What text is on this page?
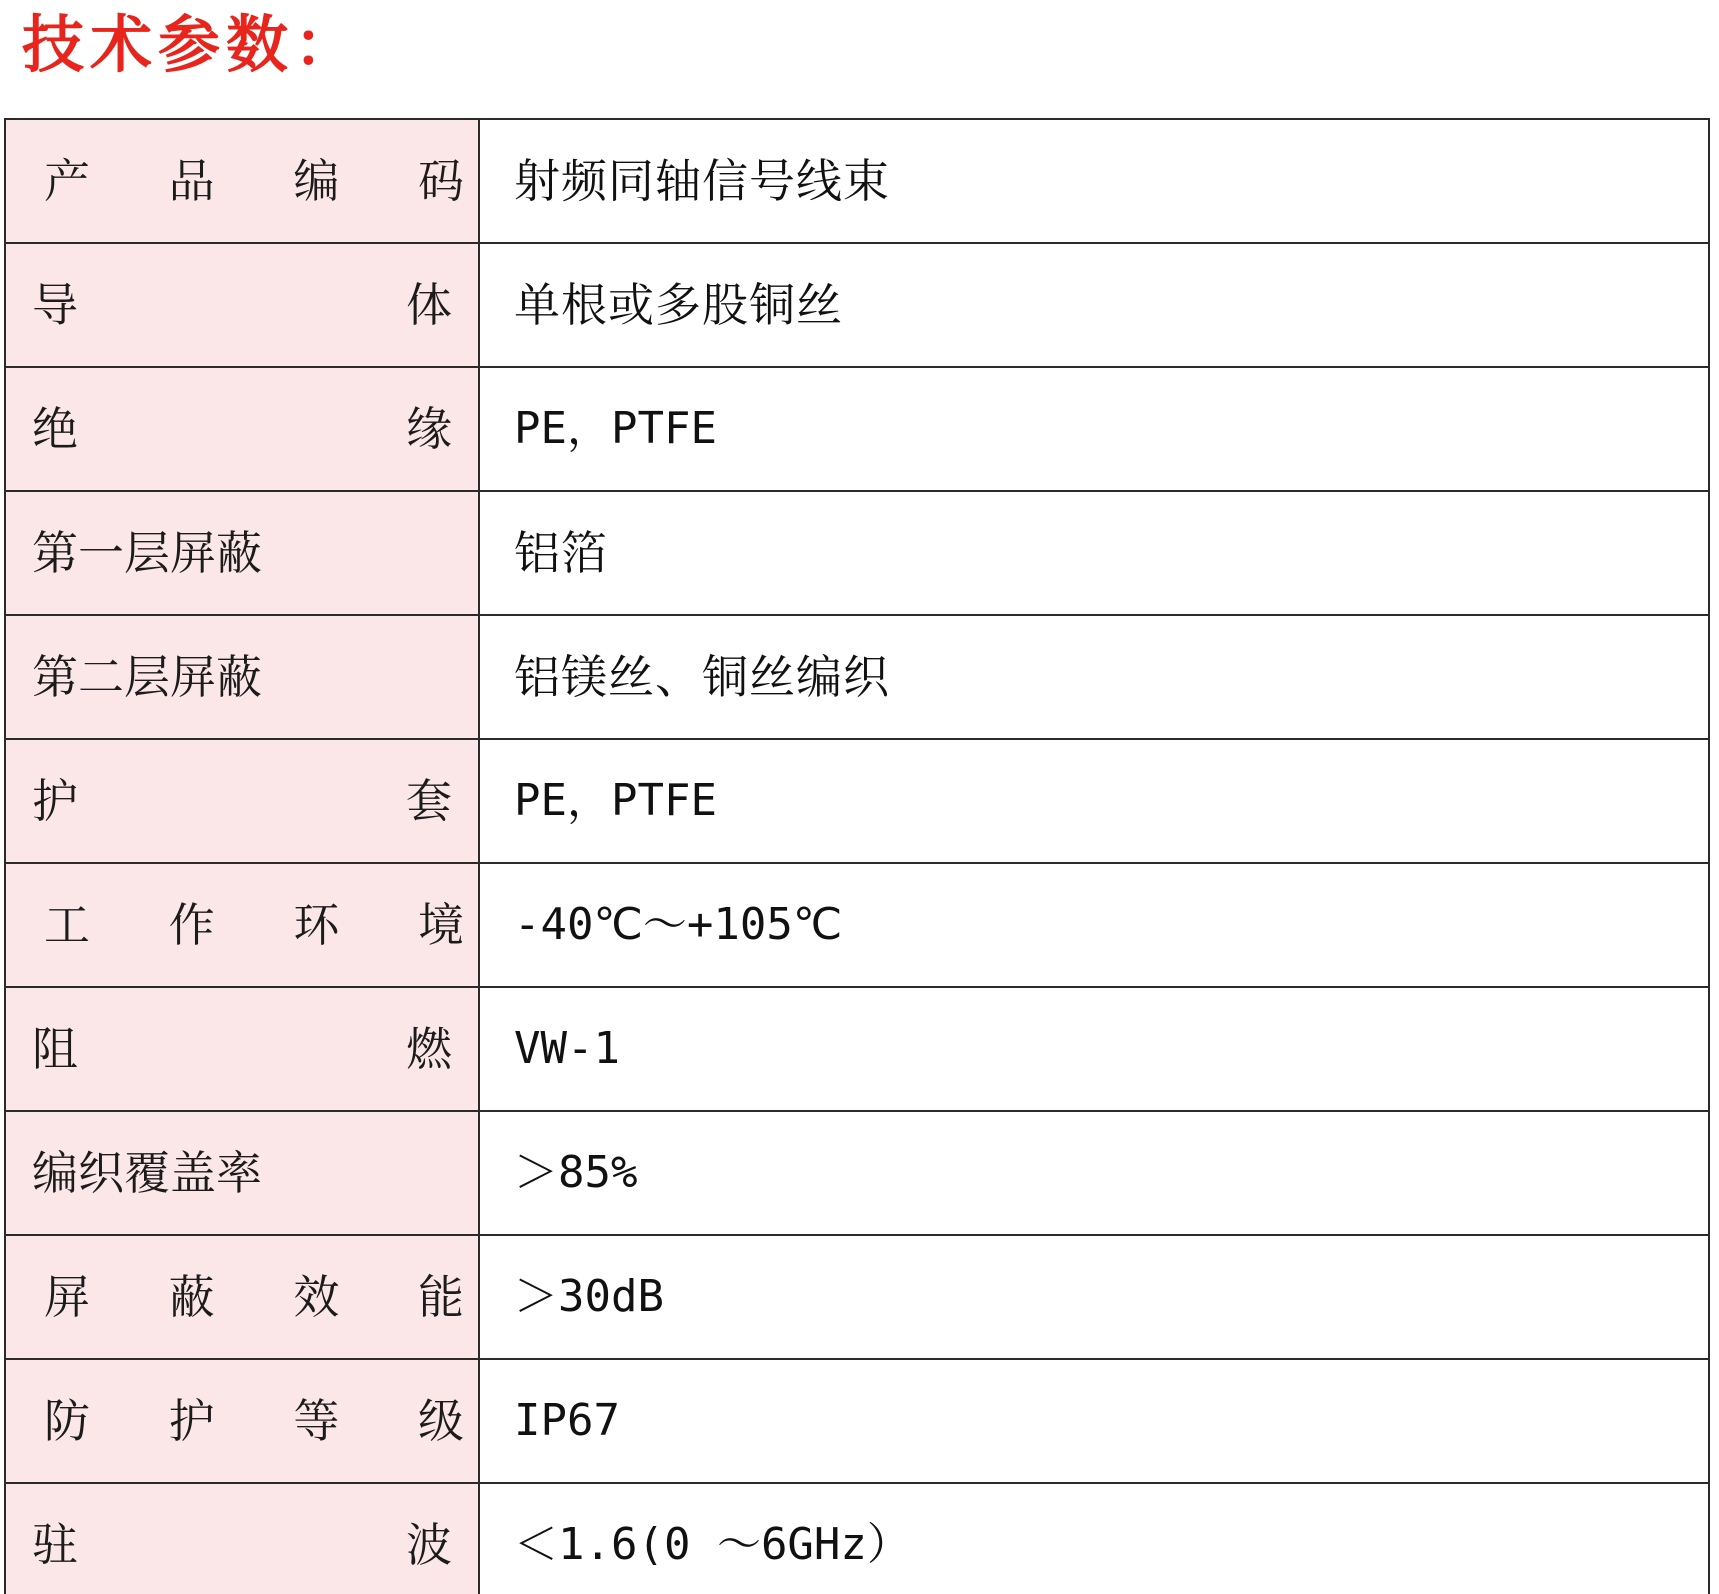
技术参数：
产 品 编 码	射频同轴信号线束

导 体	单根或多股铜丝

绝 缘	PE，PTFE

第 一 层 屏 蔽	铝箔

第 二 层 屏 蔽	铝镁丝、铜丝编织

护 套	PE，PTFE

工 作 环 境	-40℃～+105℃

阻 燃	VW-1

编 织 覆 盖 率	＞85%

屏 蔽 效 能	＞30dB

防 护 等 级	IP67

驻 波	＜1.6(0 ～6GHz）
